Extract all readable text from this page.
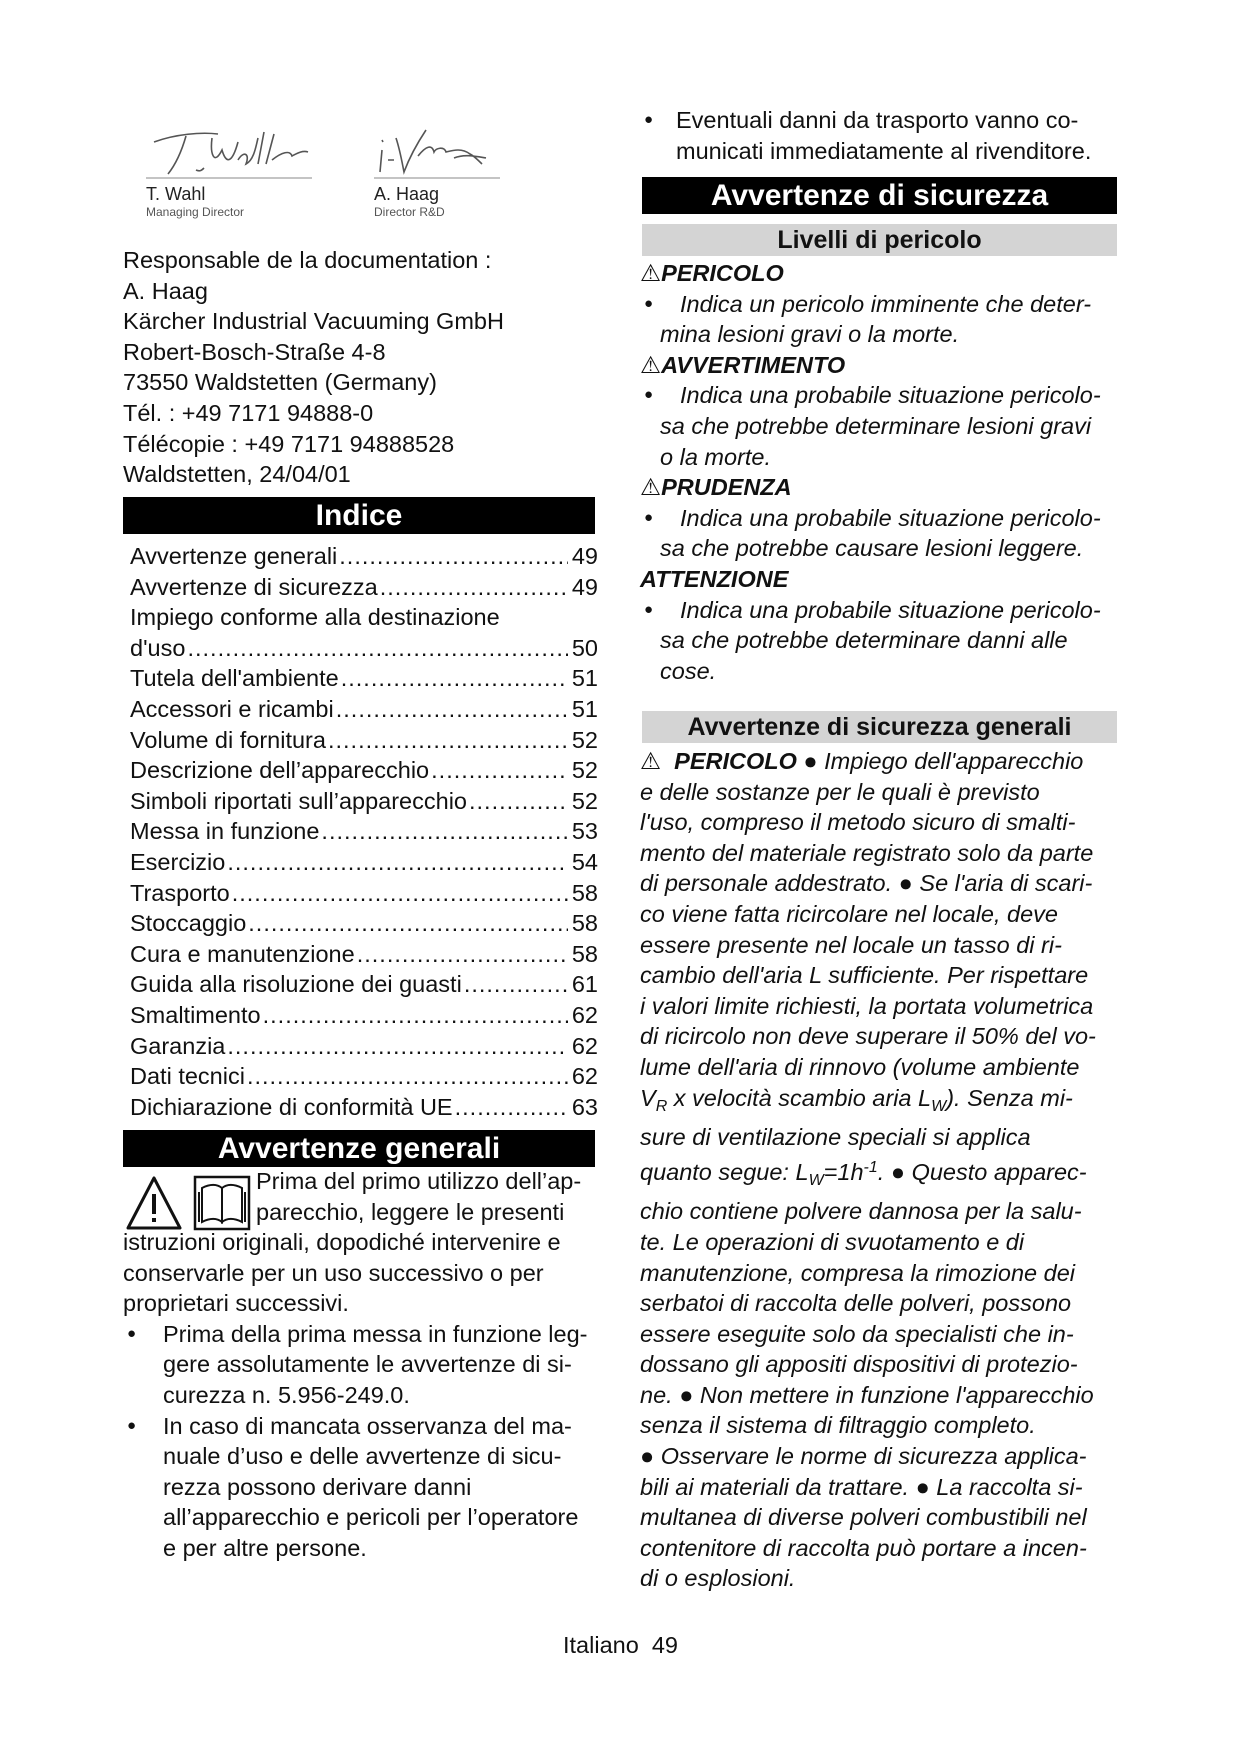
T. Wahl
Managing Director
A. Haag
Director R&D
Responsable de la documentation :
A. Haag
Kärcher Industrial Vacuuming GmbH
Robert-Bosch-Straße 4-8
73550 Waldstetten (Germany)
Tél. : +49 7171 94888-0
Télécopie : +49 7171 94888528
Waldstetten, 24/04/01
Indice
Avvertenze generali .....	49
Avvertenze di sicurezza .....	49
Impiego conforme alla destinazione
d'uso .....	50
Tutela dell'ambiente .....	51
Accessori e ricambi .....	51
Volume di fornitura .....	52
Descrizione dell’apparecchio .....	52
Simboli riportati sull’apparecchio .....	52
Messa in funzione .....	53
Esercizio .....	54
Trasporto .....	58
Stoccaggio .....	58
Cura e manutenzione .....	58
Guida alla risoluzione dei guasti .....	61
Smaltimento .....	62
Garanzia .....	62
Dati tecnici .....	62
Dichiarazione di conformità UE .....	63
Avvertenze generali
Prima del primo utilizzo dell’ap-
parecchio, leggere le presenti
istruzioni originali, dopodiché intervenire e
conservarle per un uso successivo o per
proprietari successivi.
● Prima della prima messa in funzione leg-
gere assolutamente le avvertenze di si-
curezza n. 5.956-249.0.
● In caso di mancata osservanza del ma-
nuale d’uso e delle avvertenze di sicu-
rezza possono derivare danni
all’apparecchio e pericoli per l’operatore
e per altre persone.
● Eventuali danni da trasporto vanno co-
municati immediatamente al rivenditore.
Avvertenze di sicurezza
Livelli di pericolo
⚠PERICOLO
● Indica un pericolo imminente che deter-
mina lesioni gravi o la morte.
⚠AVVERTIMENTO
● Indica una probabile situazione pericolo-
sa che potrebbe determinare lesioni gravi
o la morte.
⚠PRUDENZA
● Indica una probabile situazione pericolo-
sa che potrebbe causare lesioni leggere.
ATTENZIONE
● Indica una probabile situazione pericolo-
sa che potrebbe determinare danni alle
cose.
Avvertenze di sicurezza generali
⚠ PERICOLO ● Impiego dell'apparecchio
e delle sostanze per le quali è previsto
l'uso, compreso il metodo sicuro di smalti-
mento del materiale registrato solo da parte
di personale addestrato. ● Se l'aria di scari-
co viene fatta ricircolare nel locale, deve
essere presente nel locale un tasso di ri-
cambio dell'aria L sufficiente. Per rispettare
i valori limite richiesti, la portata volumetrica
di ricircolo non deve superare il 50% del vo-
lume dell'aria di rinnovo (volume ambiente
$V_R$ x velocità scambio aria $L_W$). Senza mi-
sure di ventilazione speciali si applica
quanto segue: $L_W=1h^{-1}$. ● Questo apparec-
chio contiene polvere dannosa per la salu-
te. Le operazioni di svuotamento e di
manutenzione, compresa la rimozione dei
serbatoi di raccolta delle polveri, possono
essere eseguite solo da specialisti che in-
dossano gli appositi dispositivi di protezio-
ne. ● Non mettere in funzione l'apparecchio
senza il sistema di filtraggio completo.
● Osservare le norme di sicurezza applica-
bili ai materiali da trattare. ● La raccolta si-
multanea di diverse polveri combustibili nel
contenitore di raccolta può portare a incen-
di o esplosioni.
Italiano 49
